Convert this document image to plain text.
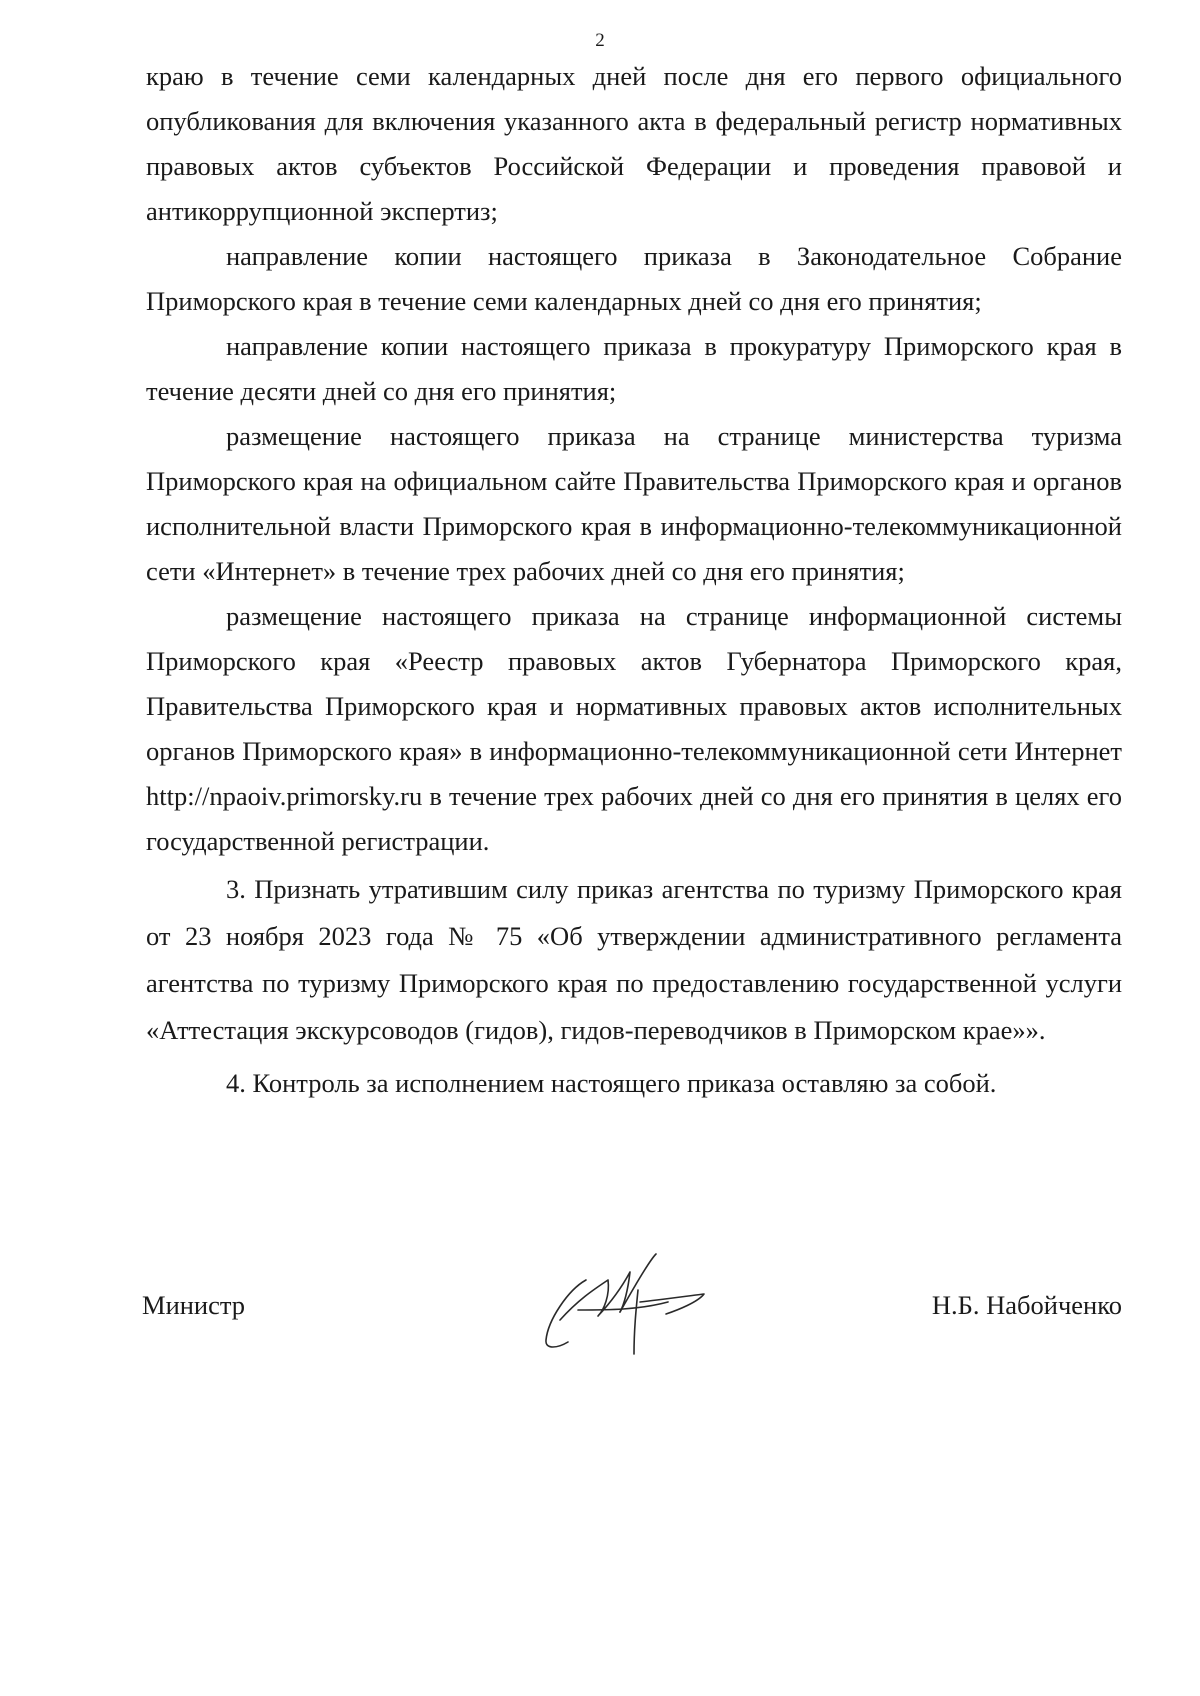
2

краю в течение семи календарных дней после дня его первого официального опубликования для включения указанного акта в федеральный регистр нормативных правовых актов субъектов Российской Федерации и проведения правовой и антикоррупционной экспертиз;

направление копии настоящего приказа в Законодательное Собрание Приморского края в течение семи календарных дней со дня его принятия;

направление копии настоящего приказа в прокуратуру Приморского края в течение десяти дней со дня его принятия;

размещение настоящего приказа на странице министерства туризма Приморского края на официальном сайте Правительства Приморского края и органов исполнительной власти Приморского края в информационно-телекоммуникационной сети «Интернет» в течение трех рабочих дней со дня его принятия;

размещение настоящего приказа на странице информационной системы Приморского края «Реестр правовых актов Губернатора Приморского края, Правительства Приморского края и нормативных правовых актов исполнительных органов Приморского края» в информационно-телекоммуникационной сети Интернет http://npaoiv.primorsky.ru в течение трех рабочих дней со дня его принятия в целях его государственной регистрации.

3. Признать утратившим силу приказ агентства по туризму Приморского края от 23 ноября 2023 года № 75 «Об утверждении административного регламента агентства по туризму Приморского края по предоставлению государственной услуги «Аттестация экскурсоводов (гидов), гидов-переводчиков в Приморском крае»».

4. Контроль за исполнением настоящего приказа оставляю за собой.

Министр	Н.Б. Набойченко
